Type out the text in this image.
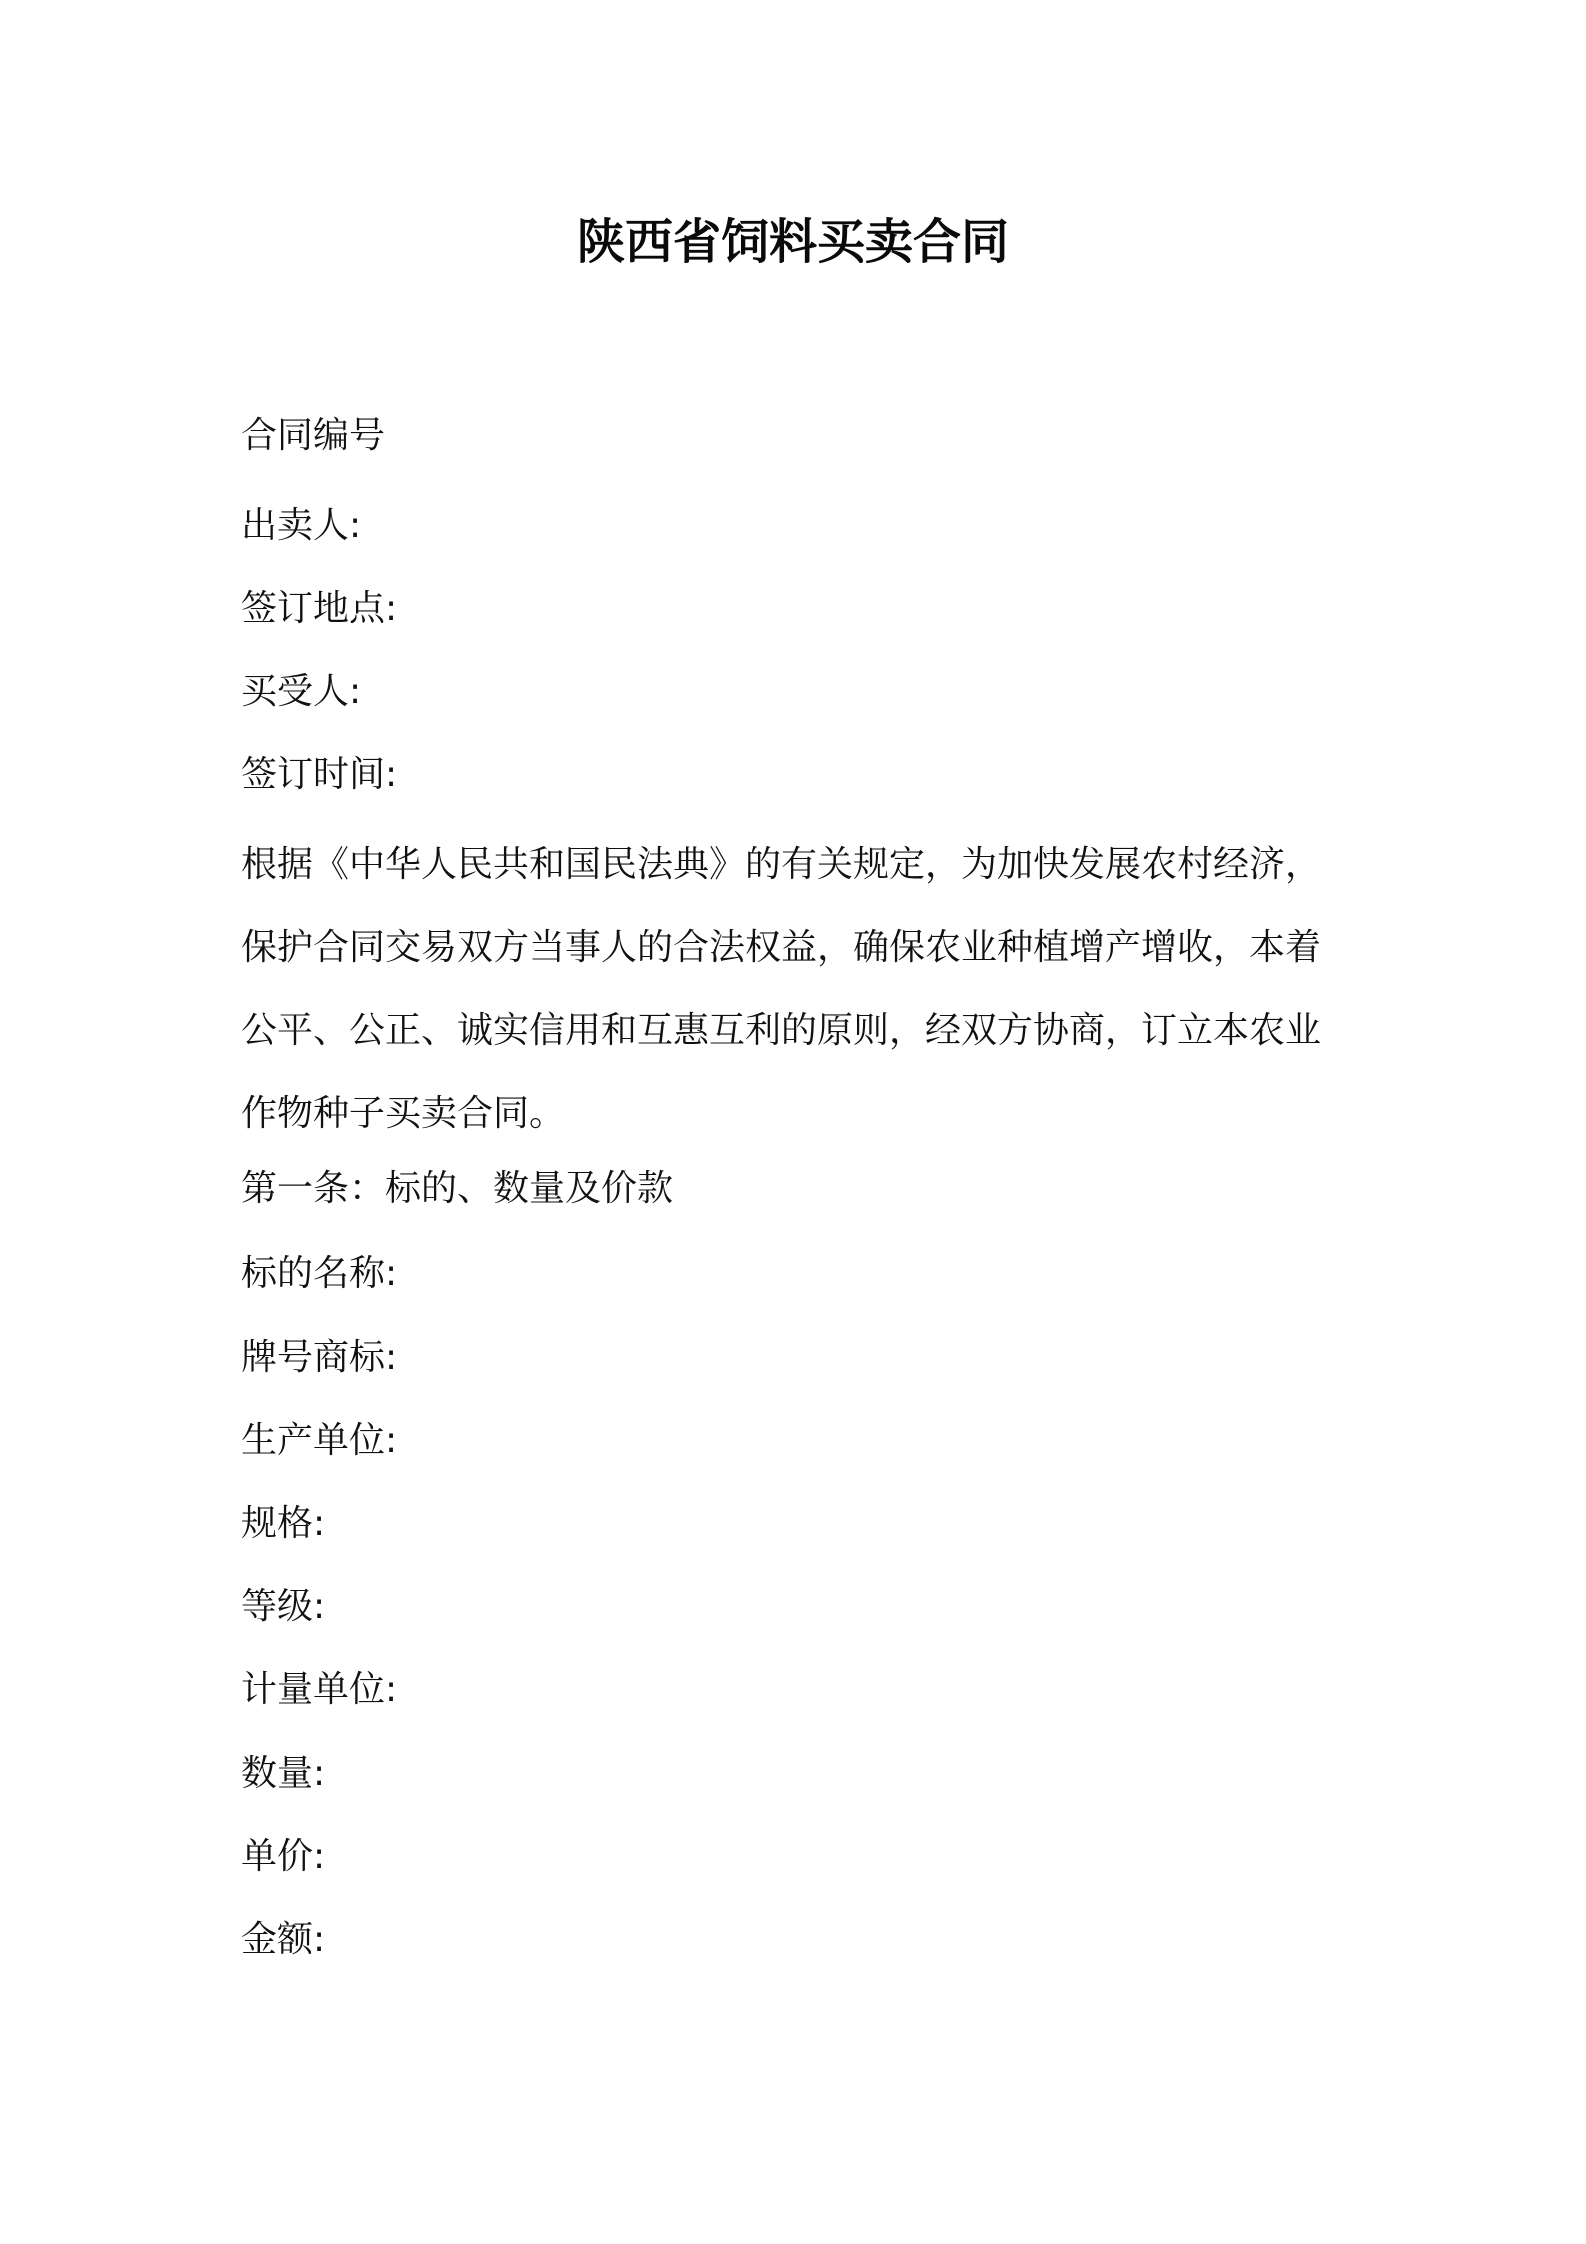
陕西省饲料买卖合同

合同编号

出卖人:

签订地点:

买受人:

签订时间:

根据《中华人民共和国民法典》的有关规定，为加快发展农村经济，
保护合同交易双方当事人的合法权益，确保农业种植增产增收，本着
公平、公正、诚实信用和互惠互利的原则，经双方协商，订立本农业
作物种子买卖合同。

第一条：标的、数量及价款

标的名称:

牌号商标:

生产单位:

规格:

等级:

计量单位:

数量:

单价:

金额:
